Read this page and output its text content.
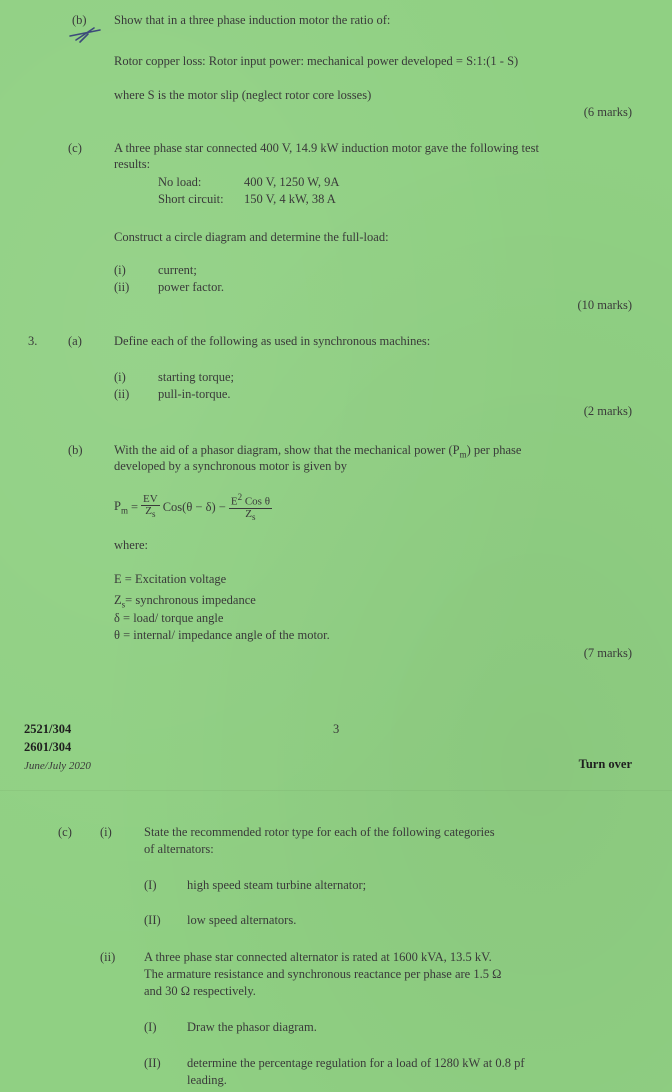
(b) Show that in a three phase induction motor the ratio of:
Rotor copper loss: Rotor input power: mechanical power developed = S:1:(1 - S)
where S is the motor slip (neglect rotor core losses)
(6 marks)
(c)	A three phase star connected 400 V, 14.9 kW induction motor gave the following test
results:
No load:	400 V, 1250 W, 9A
Short circuit: 150 V, 4 kW, 38 A
Construct a circle diagram and determine the full-load:
(i)	current;
(ii) power factor.
(10 marks)
3. (a)	Define each of the following as used in synchronous machines:
(i)	starting torque;
(ii) pull-in-torque.
(2 marks)
(b)	With the aid of a phasor diagram, show that the mechanical power $(P_m)$ per phase
developed by a synchronous motor is given by
$P_m = \frac{EV}{Z_s} Cos(\theta - \delta) - \frac{E^2 Cos \theta}{Z_s}$
where:
E = Excitation voltage
$Z_s=$ synchronous impedance
δ = load/ torque angle
θ = internal/ impedance angle of the motor.
(7 marks)
2521/304
2601/304
June/July 2020
3
Turn over
(c) (i)	State the recommended rotor type for each of the following categories
of alternators:
(I) high speed steam turbine alternator;
(II) low speed alternators.
(ii) A three phase star connected alternator is rated at 1600 kVA, 13.5 kV.
The armature resistance and synchronous reactance per phase are 1.5 Ω
and 30 Ω respectively.
(I) Draw the phasor diagram.
(II) determine the percentage regulation for a load of 1280 kW at 0.8 pf
leading.
